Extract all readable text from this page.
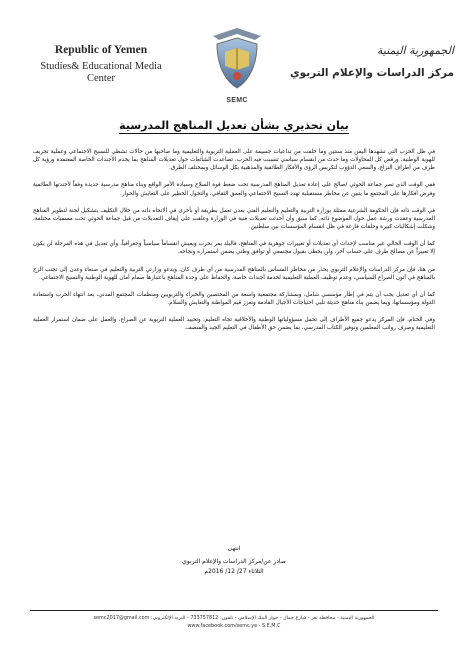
Republic of Yemen
Studies& Educational Media
Center
SEMC
الجمهورية اليمنية
مركز الدراسات والإعلام التربوي
بيان تحذيري بشأن تعديل المناهج المدرسية

في ظل الحرب التي تشهدها اليمن منذ سنتين وما خلفت من تداعيات جسيمة على العملية التربوية والتعليمية وما صاحبها من حالات تشظي للنسيج الاجتماعي وعملية تجريف للهوية الوطنية، ورفض كل المحاولات وما حدث من انقسام سياسي تسببت فيه الحرب، تصاعدت الشائعات حول تعديلات المناهج بما يخدم الأجندات الخاصة المعتمدة ورؤية كل طرف من أطراف النزاع، والسعي الدؤوب لتكريس الرؤى والأفكار الطائفية والمذهبية بكل الوسائل وبمختلف الطرق.

ففي الوقت الذي تصر جماعة الحوثي /صالح على إعادة تعديل المناهج المدرسية تحت ضغط قوة السلاح وسيادة الأمر الواقع وبناء مناهج مدرسية جديدة وفقاً لأجندتها الطائفية وفرض أفكارها على المجتمع ما يتبين عن مخاطر مستقبلية تهدد النسيج الاجتماعي والعمق الثقافي، والتحول الخطير على التعايش والحوار.

في الوقت ذاته فإن الحكومة الشرعية ممثلة بوزارة التربية والتعليم والتعليم الفني بعدن تعمل بطريقة أو بأخرى في الاتجاه ذاته من خلال التكليف بتشكيل لجنة لتطوير المناهج المدرسية وعقدت ورشة عمل حول الموضوع ذاته، كما سبق وأن أحدثت تعديلات فنية في الوزارة وعلقت على إيقاف التعديلات من قبل جماعة الحوثي تحت مسميات مختلفة، وشكلت إشكاليات كبيرة وحلقات فارغة في ظل انقسام المؤسسات بين سلطتين.

كما أن الوقت الحالي غير مناسب لإحداث أي تعديلات أو تغييرات جوهرية في المناهج، فالبلد يمر بحرب ويعيش انقساماً سياسياً وجغرافياً، وأي تعديل في هذه المرحلة لن يكون إلا تعبيراً عن مصالح طرف على حساب آخر، ولن يحظى بقبول مجتمعي أو توافق وطني يضمن استمراره ونجاحه.

من هنا، فإن مركز الدراسات والإعلام التربوي يحذر من مخاطر المساس بالمناهج المدرسية من أي طرف كان، ويدعو وزارتي التربية والتعليم في صنعاء وعدن إلى تجنب الزج بالمناهج في أتون الصراع السياسي، وعدم توظيف العملية التعليمية لخدمة أجندات خاصة، والحفاظ على وحدة المناهج باعتبارها صمام أمان للهوية الوطنية والنسيج الاجتماعي.

كما أن أي تعديل يجب أن يتم في إطار مؤسسي شامل، وبمشاركة مجتمعية واسعة من المختصين والخبراء والتربويين ومنظمات المجتمع المدني، بعد انتهاء الحرب واستعادة الدولة ومؤسساتها، وبما يضمن بناء مناهج حديثة تلبي احتياجات الأجيال القادمة وتعزز قيم المواطنة والتعايش والسلام.

وفي الختام، فإن المركز يدعو جميع الأطراف إلى تحمل مسؤولياتها الوطنية والأخلاقية تجاه التعليم، وتحييد العملية التربوية عن الصراع، والعمل على ضمان استمرار العملية التعليمية وصرف رواتب المعلمين وتوفير الكتاب المدرسي، بما يضمن حق الأطفال في التعليم الجيد والمنصف.

انتهى
صادر عن/مركز الدراسات والإعلام التربوي
الثلاثاء 27/ 12/ 2016م
الجمهورية اليمنية - محافظة تعز - شارع جمال - جوار البنك الإسلامي - تلفون: 733757812 - البريد الإلكتروني: semc2017@gmail.com
www.facebook.com/semc.ye - S.E.M.C
